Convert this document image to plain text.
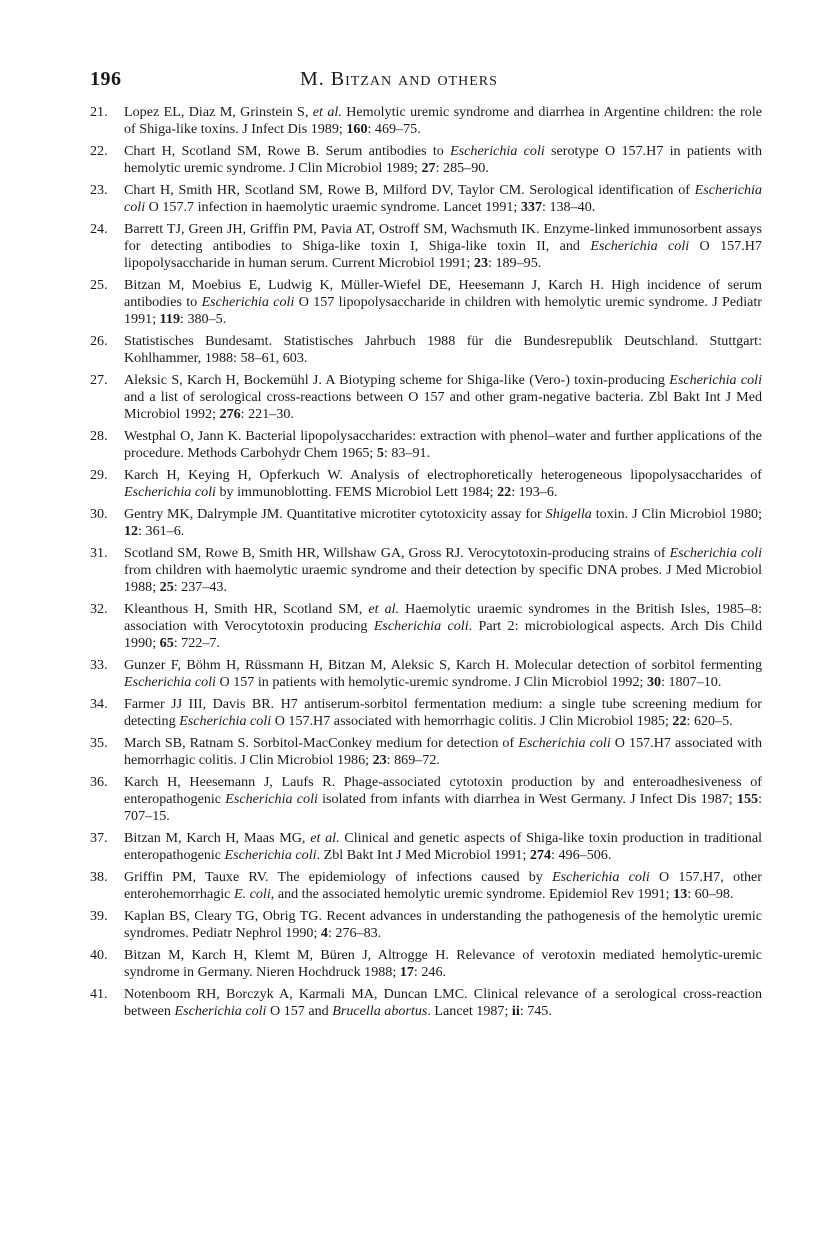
196	M. Bitzan and others
21.	Lopez EL, Diaz M, Grinstein S, et al. Hemolytic uremic syndrome and diarrhea in Argentine children: the role of Shiga-like toxins. J Infect Dis 1989; 160: 469–75.
22.	Chart H, Scotland SM, Rowe B. Serum antibodies to Escherichia coli serotype O 157.H7 in patients with hemolytic uremic syndrome. J Clin Microbiol 1989; 27: 285–90.
23.	Chart H, Smith HR, Scotland SM, Rowe B, Milford DV, Taylor CM. Serological identification of Escherichia coli O 157.7 infection in haemolytic uraemic syndrome. Lancet 1991; 337: 138–40.
24.	Barrett TJ, Green JH, Griffin PM, Pavia AT, Ostroff SM, Wachsmuth IK. Enzyme-linked immunosorbent assays for detecting antibodies to Shiga-like toxin I, Shiga-like toxin II, and Escherichia coli O 157.H7 lipopolysaccharide in human serum. Current Microbiol 1991; 23: 189–95.
25.	Bitzan M, Moebius E, Ludwig K, Müller-Wiefel DE, Heesemann J, Karch H. High incidence of serum antibodies to Escherichia coli O 157 lipopolysaccharide in children with hemolytic uremic syndrome. J Pediatr 1991; 119: 380–5.
26.	Statistisches Bundesamt. Statistisches Jahrbuch 1988 für die Bundesrepublik Deutschland. Stuttgart: Kohlhammer, 1988: 58–61, 603.
27.	Aleksic S, Karch H, Bockemühl J. A Biotyping scheme for Shiga-like (Vero-) toxin-producing Escherichia coli and a list of serological cross-reactions between O 157 and other gram-negative bacteria. Zbl Bakt Int J Med Microbiol 1992; 276: 221–30.
28.	Westphal O, Jann K. Bacterial lipopolysaccharides: extraction with phenol–water and further applications of the procedure. Methods Carbohydr Chem 1965; 5: 83–91.
29.	Karch H, Keying H, Opferkuch W. Analysis of electrophoretically heterogeneous lipopolysaccharides of Escherichia coli by immunoblotting. FEMS Microbiol Lett 1984; 22: 193–6.
30.	Gentry MK, Dalrymple JM. Quantitative microtiter cytotoxicity assay for Shigella toxin. J Clin Microbiol 1980; 12: 361–6.
31.	Scotland SM, Rowe B, Smith HR, Willshaw GA, Gross RJ. Verocytotoxin-producing strains of Escherichia coli from children with haemolytic uraemic syndrome and their detection by specific DNA probes. J Med Microbiol 1988; 25: 237–43.
32.	Kleanthous H, Smith HR, Scotland SM, et al. Haemolytic uraemic syndromes in the British Isles, 1985–8: association with Verocytotoxin producing Escherichia coli. Part 2: microbiological aspects. Arch Dis Child 1990; 65: 722–7.
33.	Gunzer F, Böhm H, Rüssmann H, Bitzan M, Aleksic S, Karch H. Molecular detection of sorbitol fermenting Escherichia coli O 157 in patients with hemolytic-uremic syndrome. J Clin Microbiol 1992; 30: 1807–10.
34.	Farmer JJ III, Davis BR. H7 antiserum-sorbitol fermentation medium: a single tube screening medium for detecting Escherichia coli O 157.H7 associated with hemorrhagic colitis. J Clin Microbiol 1985; 22: 620–5.
35.	March SB, Ratnam S. Sorbitol-MacConkey medium for detection of Escherichia coli O 157.H7 associated with hemorrhagic colitis. J Clin Microbiol 1986; 23: 869–72.
36.	Karch H, Heesemann J, Laufs R. Phage-associated cytotoxin production by and enteroadhesiveness of enteropathogenic Escherichia coli isolated from infants with diarrhea in West Germany. J Infect Dis 1987; 155: 707–15.
37.	Bitzan M, Karch H, Maas MG, et al. Clinical and genetic aspects of Shiga-like toxin production in traditional enteropathogenic Escherichia coli. Zbl Bakt Int J Med Microbiol 1991; 274: 496–506.
38.	Griffin PM, Tauxe RV. The epidemiology of infections caused by Escherichia coli O 157.H7, other enterohemorrhagic E. coli, and the associated hemolytic uremic syndrome. Epidemiol Rev 1991; 13: 60–98.
39.	Kaplan BS, Cleary TG, Obrig TG. Recent advances in understanding the pathogenesis of the hemolytic uremic syndromes. Pediatr Nephrol 1990; 4: 276–83.
40.	Bitzan M, Karch H, Klemt M, Büren J, Altrogge H. Relevance of verotoxin mediated hemolytic-uremic syndrome in Germany. Nieren Hochdruck 1988; 17: 246.
41.	Notenboom RH, Borczyk A, Karmali MA, Duncan LMC. Clinical relevance of a serological cross-reaction between Escherichia coli O 157 and Brucella abortus. Lancet 1987; ii: 745.
